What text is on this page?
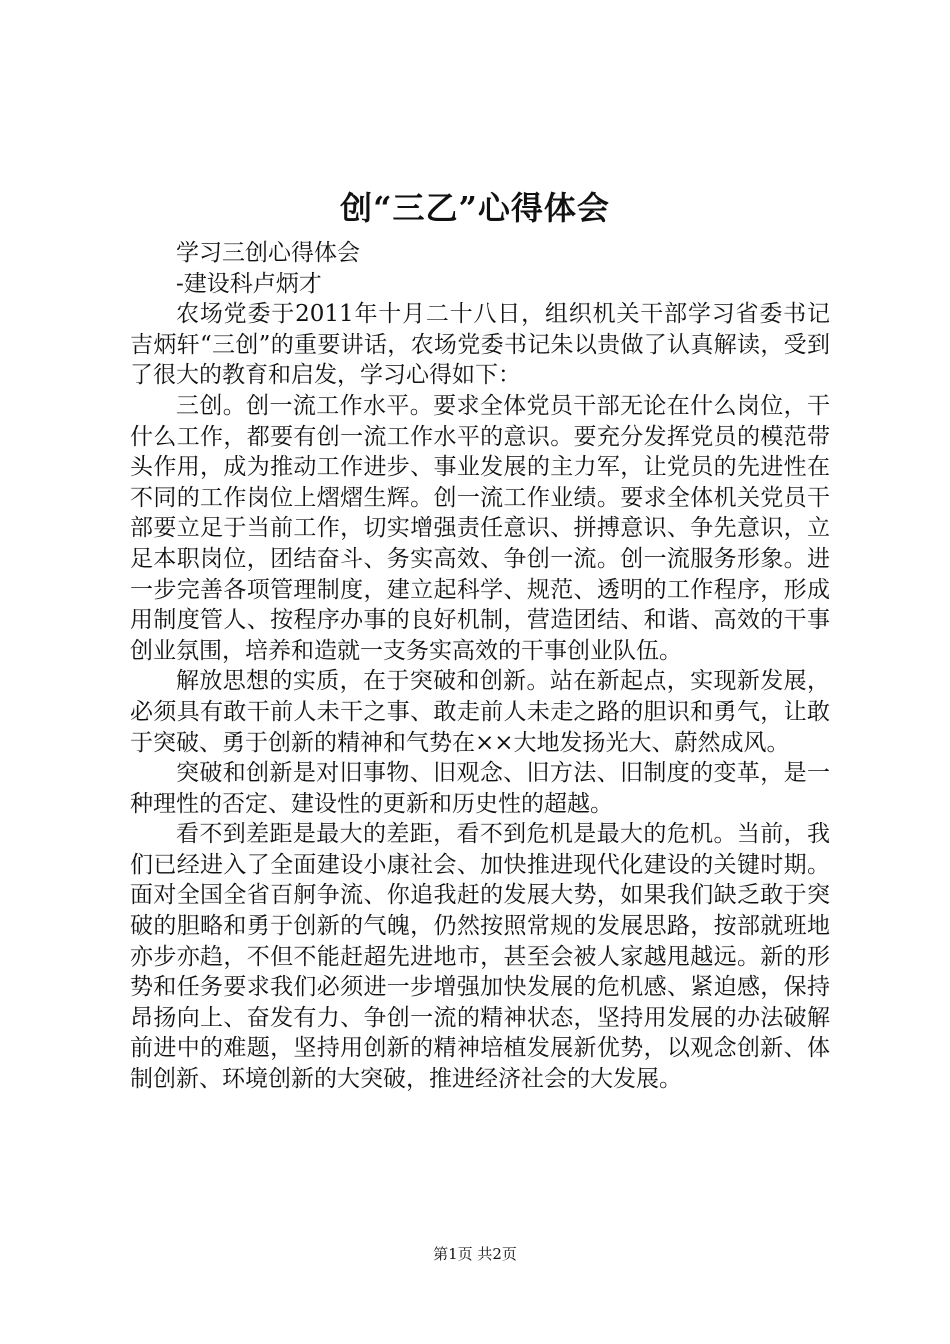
创“三乙”心得体会

学习三创心得体会

-建设科卢炳才

农场党委于2011年十月二十八日，组织机关干部学习省委书记吉炳轩“三创”的重要讲话，农场党委书记朱以贵做了认真解读，受到了很大的教育和启发，学习心得如下：

三创。创一流工作水平。要求全体党员干部无论在什么岗位，干什么工作，都要有创一流工作水平的意识。要充分发挥党员的模范带头作用，成为推动工作进步、事业发展的主力军，让党员的先进性在不同的工作岗位上熠熠生辉。创一流工作业绩。要求全体机关党员干部要立足于当前工作，切实增强责任意识、拼搏意识、争先意识，立足本职岗位，团结奋斗、务实高效、争创一流。创一流服务形象。进一步完善各项管理制度，建立起科学、规范、透明的工作程序，形成用制度管人、按程序办事的良好机制，营造团结、和谐、高效的干事创业氛围，培养和造就一支务实高效的干事创业队伍。

解放思想的实质，在于突破和创新。站在新起点，实现新发展，必须具有敢干前人未干之事、敢走前人未走之路的胆识和勇气，让敢于突破、勇于创新的精神和气势在××大地发扬光大、蔚然成风。

突破和创新是对旧事物、旧观念、旧方法、旧制度的变革，是一种理性的否定、建设性的更新和历史性的超越。

看不到差距是最大的差距，看不到危机是最大的危机。当前，我们已经进入了全面建设小康社会、加快推进现代化建设的关键时期。面对全国全省百舸争流、你追我赶的发展大势，如果我们缺乏敢于突破的胆略和勇于创新的气魄，仍然按照常规的发展思路，按部就班地亦步亦趋，不但不能赶超先进地市，甚至会被人家越甩越远。新的形势和任务要求我们必须进一步增强加快发展的危机感、紧迫感，保持昂扬向上、奋发有力、争创一流的精神状态，坚持用发展的办法破解前进中的难题，坚持用创新的精神培植发展新优势，以观念创新、体制创新、环境创新的大突破，推进经济社会的大发展。

第1页 共2页
